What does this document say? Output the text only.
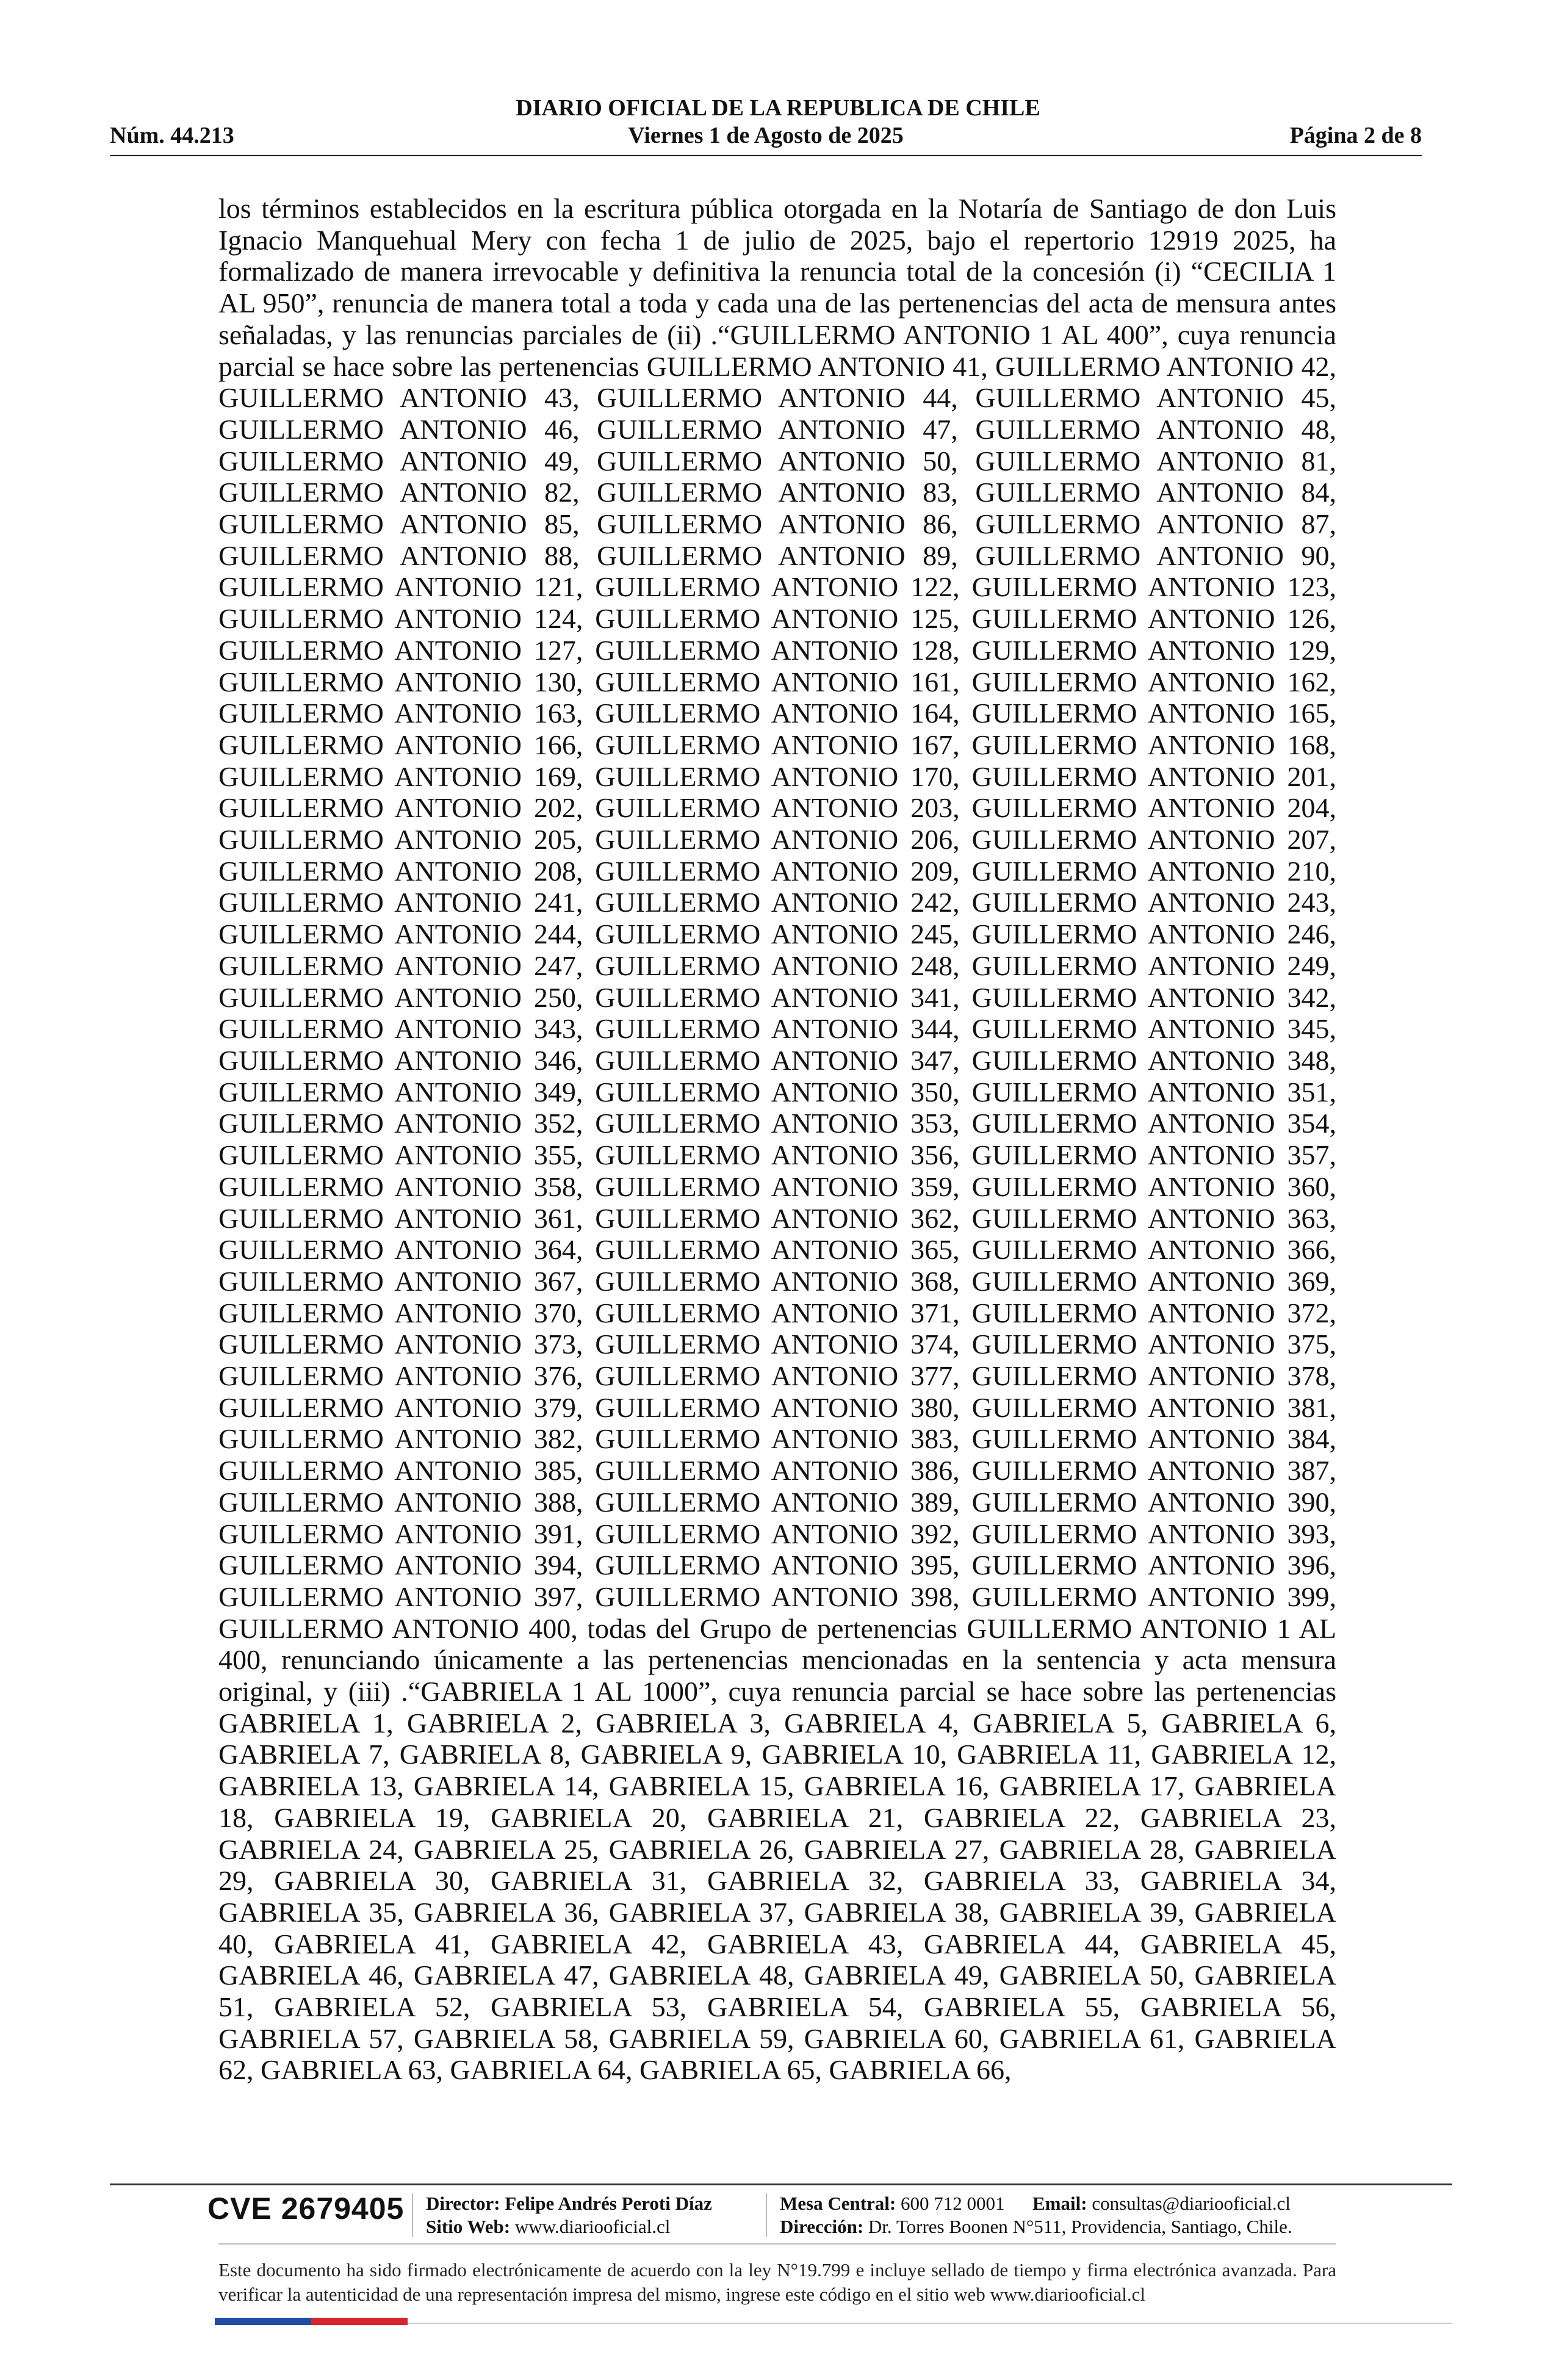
DIARIO OFICIAL DE LA REPUBLICA DE CHILE
Núm. 44.213	Viernes 1 de Agosto de 2025	Página 2 de 8

los términos establecidos en la escritura pública otorgada en la Notaría de Santiago de don Luis Ignacio Manquehual Mery con fecha 1 de julio de 2025, bajo el repertorio 12919 2025, ha formalizado de manera irrevocable y definitiva la renuncia total de la concesión (i) “CECILIA 1 AL 950”, renuncia de manera total a toda y cada una de las pertenencias del acta de mensura antes señaladas, y las renuncias parciales de (ii) .“GUILLERMO ANTONIO 1 AL 400”, cuya renuncia parcial se hace sobre las pertenencias GUILLERMO ANTONIO 41, GUILLERMO ANTONIO 42, GUILLERMO ANTONIO 43, GUILLERMO ANTONIO 44, GUILLERMO ANTONIO 45, GUILLERMO ANTONIO 46, GUILLERMO ANTONIO 47, GUILLERMO ANTONIO 48, GUILLERMO ANTONIO 49, GUILLERMO ANTONIO 50, GUILLERMO ANTONIO 81, GUILLERMO ANTONIO 82, GUILLERMO ANTONIO 83, GUILLERMO ANTONIO 84, GUILLERMO ANTONIO 85, GUILLERMO ANTONIO 86, GUILLERMO ANTONIO 87, GUILLERMO ANTONIO 88, GUILLERMO ANTONIO 89, GUILLERMO ANTONIO 90, GUILLERMO ANTONIO 121, GUILLERMO ANTONIO 122, GUILLERMO ANTONIO 123, GUILLERMO ANTONIO 124, GUILLERMO ANTONIO 125, GUILLERMO ANTONIO 126, GUILLERMO ANTONIO 127, GUILLERMO ANTONIO 128, GUILLERMO ANTONIO 129, GUILLERMO ANTONIO 130, GUILLERMO ANTONIO 161, GUILLERMO ANTONIO 162, GUILLERMO ANTONIO 163, GUILLERMO ANTONIO 164, GUILLERMO ANTONIO 165, GUILLERMO ANTONIO 166, GUILLERMO ANTONIO 167, GUILLERMO ANTONIO 168, GUILLERMO ANTONIO 169, GUILLERMO ANTONIO 170, GUILLERMO ANTONIO 201, GUILLERMO ANTONIO 202, GUILLERMO ANTONIO 203, GUILLERMO ANTONIO 204, GUILLERMO ANTONIO 205, GUILLERMO ANTONIO 206, GUILLERMO ANTONIO 207, GUILLERMO ANTONIO 208, GUILLERMO ANTONIO 209, GUILLERMO ANTONIO 210, GUILLERMO ANTONIO 241, GUILLERMO ANTONIO 242, GUILLERMO ANTONIO 243, GUILLERMO ANTONIO 244, GUILLERMO ANTONIO 245, GUILLERMO ANTONIO 246, GUILLERMO ANTONIO 247, GUILLERMO ANTONIO 248, GUILLERMO ANTONIO 249, GUILLERMO ANTONIO 250, GUILLERMO ANTONIO 341, GUILLERMO ANTONIO 342, GUILLERMO ANTONIO 343, GUILLERMO ANTONIO 344, GUILLERMO ANTONIO 345, GUILLERMO ANTONIO 346, GUILLERMO ANTONIO 347, GUILLERMO ANTONIO 348, GUILLERMO ANTONIO 349, GUILLERMO ANTONIO 350, GUILLERMO ANTONIO 351, GUILLERMO ANTONIO 352, GUILLERMO ANTONIO 353, GUILLERMO ANTONIO 354, GUILLERMO ANTONIO 355, GUILLERMO ANTONIO 356, GUILLERMO ANTONIO 357, GUILLERMO ANTONIO 358, GUILLERMO ANTONIO 359, GUILLERMO ANTONIO 360, GUILLERMO ANTONIO 361, GUILLERMO ANTONIO 362, GUILLERMO ANTONIO 363, GUILLERMO ANTONIO 364, GUILLERMO ANTONIO 365, GUILLERMO ANTONIO 366, GUILLERMO ANTONIO 367, GUILLERMO ANTONIO 368, GUILLERMO ANTONIO 369, GUILLERMO ANTONIO 370, GUILLERMO ANTONIO 371, GUILLERMO ANTONIO 372, GUILLERMO ANTONIO 373, GUILLERMO ANTONIO 374, GUILLERMO ANTONIO 375, GUILLERMO ANTONIO 376, GUILLERMO ANTONIO 377, GUILLERMO ANTONIO 378, GUILLERMO ANTONIO 379, GUILLERMO ANTONIO 380, GUILLERMO ANTONIO 381, GUILLERMO ANTONIO 382, GUILLERMO ANTONIO 383, GUILLERMO ANTONIO 384, GUILLERMO ANTONIO 385, GUILLERMO ANTONIO 386, GUILLERMO ANTONIO 387, GUILLERMO ANTONIO 388, GUILLERMO ANTONIO 389, GUILLERMO ANTONIO 390, GUILLERMO ANTONIO 391, GUILLERMO ANTONIO 392, GUILLERMO ANTONIO 393, GUILLERMO ANTONIO 394, GUILLERMO ANTONIO 395, GUILLERMO ANTONIO 396, GUILLERMO ANTONIO 397, GUILLERMO ANTONIO 398, GUILLERMO ANTONIO 399, GUILLERMO ANTONIO 400, todas del Grupo de pertenencias GUILLERMO ANTONIO 1 AL 400, renunciando únicamente a las pertenencias mencionadas en la sentencia y acta mensura original, y (iii) .“GABRIELA 1 AL 1000”, cuya renuncia parcial se hace sobre las pertenencias GABRIELA 1, GABRIELA 2, GABRIELA 3, GABRIELA 4, GABRIELA 5, GABRIELA 6, GABRIELA 7, GABRIELA 8, GABRIELA 9, GABRIELA 10, GABRIELA 11, GABRIELA 12, GABRIELA 13, GABRIELA 14, GABRIELA 15, GABRIELA 16, GABRIELA 17, GABRIELA 18, GABRIELA 19, GABRIELA 20, GABRIELA 21, GABRIELA 22, GABRIELA 23, GABRIELA 24, GABRIELA 25, GABRIELA 26, GABRIELA 27, GABRIELA 28, GABRIELA 29, GABRIELA 30, GABRIELA 31, GABRIELA 32, GABRIELA 33, GABRIELA 34, GABRIELA 35, GABRIELA 36, GABRIELA 37, GABRIELA 38, GABRIELA 39, GABRIELA 40, GABRIELA 41, GABRIELA 42, GABRIELA 43, GABRIELA 44, GABRIELA 45, GABRIELA 46, GABRIELA 47, GABRIELA 48, GABRIELA 49, GABRIELA 50, GABRIELA 51, GABRIELA 52, GABRIELA 53, GABRIELA 54, GABRIELA 55, GABRIELA 56, GABRIELA 57, GABRIELA 58, GABRIELA 59, GABRIELA 60, GABRIELA 61, GABRIELA 62, GABRIELA 63, GABRIELA 64, GABRIELA 65, GABRIELA 66,

CVE 2679405 Director: Felipe Andrés Peroti Díaz
Sitio Web: www.diariooficial.cl
Mesa Central: 600 712 0001 Email: consultas@diariooficial.cl
Dirección: Dr. Torres Boonen N°511, Providencia, Santiago, Chile.
Este documento ha sido firmado electrónicamente de acuerdo con la ley N°19.799 e incluye sellado de tiempo y firma electrónica avanzada. Para verificar la autenticidad de una representación impresa del mismo, ingrese este código en el sitio web www.diariooficial.cl
